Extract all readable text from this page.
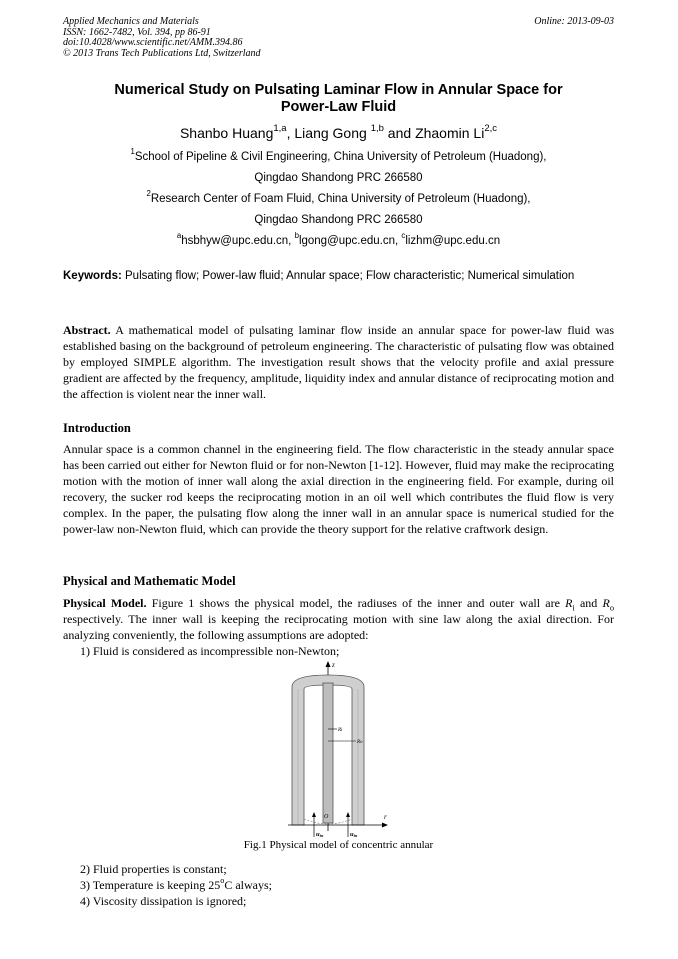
Applied Mechanics and Materials
ISSN: 1662-7482, Vol. 394, pp 86-91
doi:10.4028/www.scientific.net/AMM.394.86
© 2013 Trans Tech Publications Ltd, Switzerland
Online: 2013-09-03
Numerical Study on Pulsating Laminar Flow in Annular Space for
Power-Law Fluid
Shanbo Huang$^{1,a}$, Liang Gong $^{1,b}$ and Zhaomin Li$^{2,c}$
$^1$School of Pipeline & Civil Engineering, China University of Petroleum (Huadong),
Qingdao Shandong PRC 266580
$^2$Research Center of Foam Fluid, China University of Petroleum (Huadong),
Qingdao Shandong PRC 266580
$^a$hsbhyw@upc.edu.cn, $^b$lgong@upc.edu.cn, $^c$lizhm@upc.edu.cn
Keywords: Pulsating flow; Power-law fluid; Annular space; Flow characteristic; Numerical simulation

Abstract. A mathematical model of pulsating laminar flow inside an annular space for power-law fluid was established basing on the background of petroleum engineering. The characteristic of pulsating flow was obtained by employed SIMPLE algorithm. The investigation result shows that the velocity profile and axial pressure gradient are affected by the frequency, amplitude, liquidity index and annular distance of reciprocating motion and the affection is violent near the inner wall.

Introduction

Annular space is a common channel in the engineering field. The flow characteristic in the steady annular space has been carried out either for Newton fluid or for non-Newton [1-12]. However, fluid may make the reciprocating motion with the motion of inner wall along the axial direction in the engineering field. For example, during oil recovery, the sucker rod keeps the reciprocating motion in an oil well which contributes the fluid flow is very complex. In the paper, the pulsating flow along the inner wall in an annular space is numerical studied for the power-law non-Newton fluid, which can provide the theory support for the relative craftwork design.

Physical and Mathematic Model

Physical Model. Figure 1 shows the physical model, the radiuses of the inner and outer wall are $R_i$ and $R_o$ respectively. The inner wall is keeping the reciprocating motion with sine law along the axial direction. For analyzing conveniently, the following assumptions are adopted:

1) Fluid is considered as incompressible non-Newton;
r
z
O
Ri
Ro
uin	uin
Fig.1 Physical model of concentric annular
2) Fluid properties is constant;
3) Temperature is keeping 25$^o$C always;
4) Viscosity dissipation is ignored;
